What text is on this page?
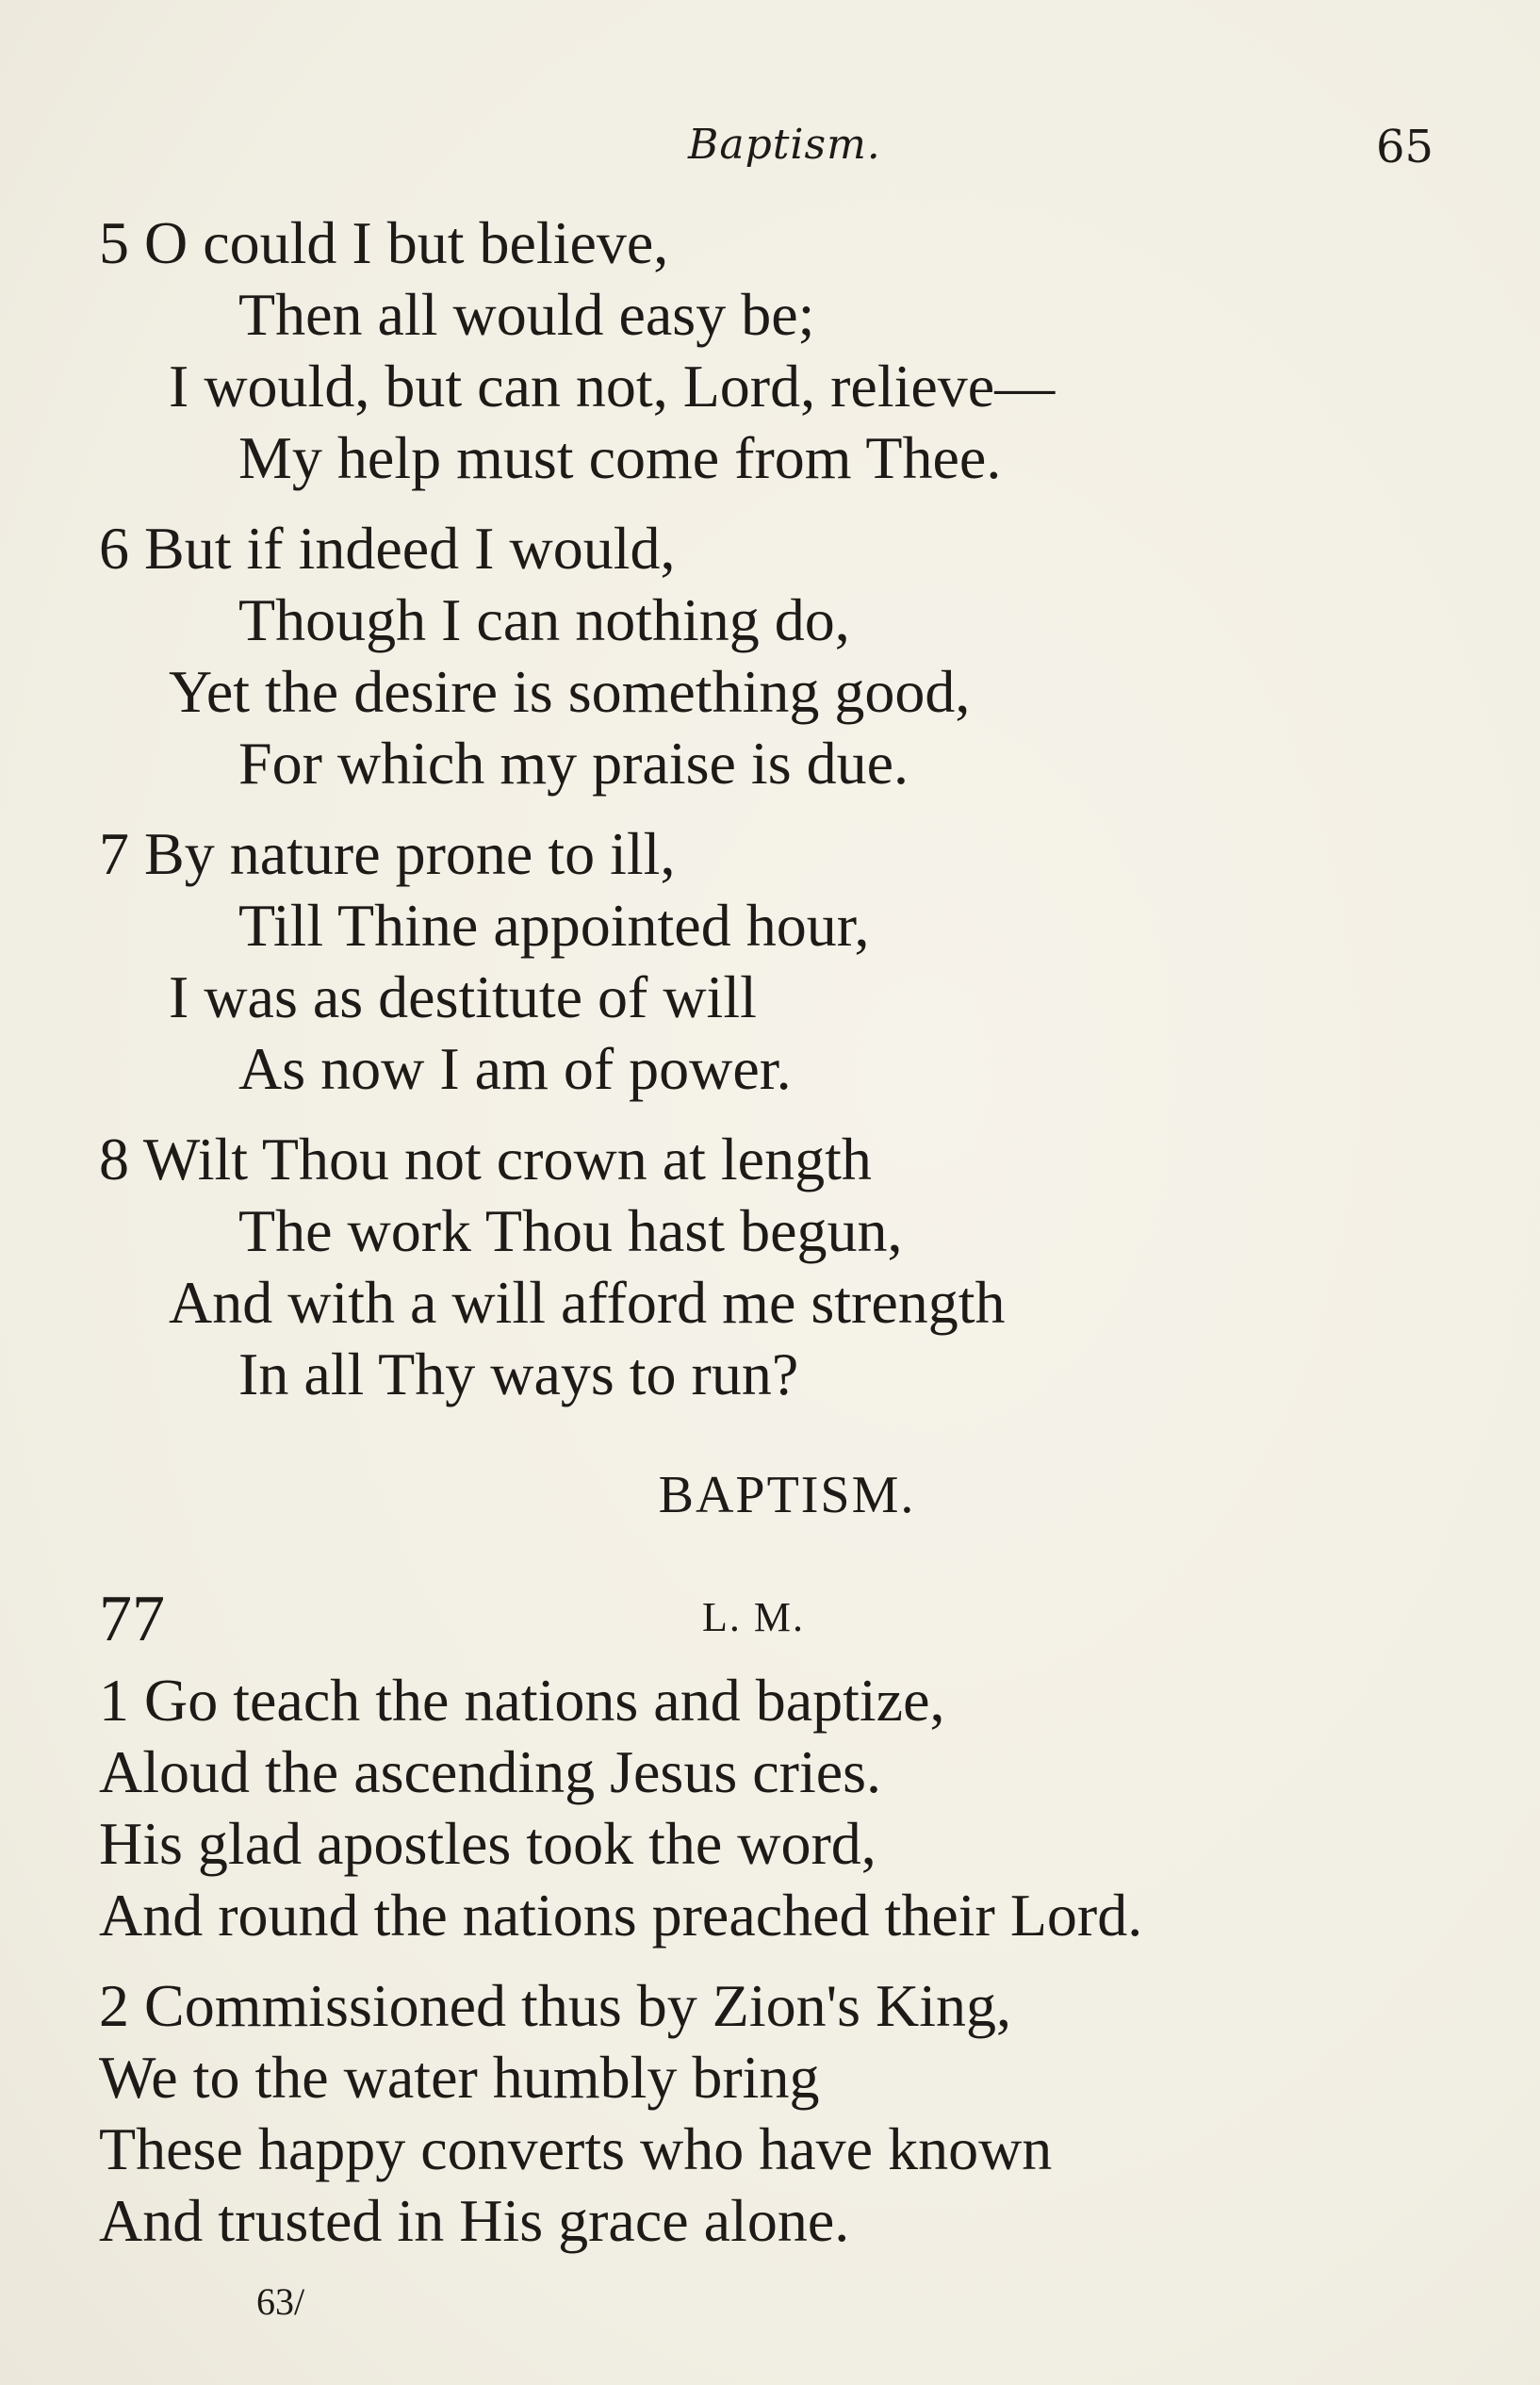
Baptism.	65
5 O could I but believe,
Then all would easy be;
I would, but can not, Lord, relieve—
My help must come from Thee.
6 But if indeed I would,
Though I can nothing do,
Yet the desire is something good,
For which my praise is due.
7 By nature prone to ill,
Till Thine appointed hour,
I was as destitute of will
As now I am of power.
8 Wilt Thou not crown at length
The work Thou hast begun,
And with a will afford me strength
In all Thy ways to run?
BAPTISM.
77	L. M.
1 Go teach the nations and baptize,
Aloud the ascending Jesus cries.
His glad apostles took the word,
And round the nations preached their Lord.
2 Commissioned thus by Zion's King,
We to the water humbly bring
These happy converts who have known
And trusted in His grace alone.
63/
